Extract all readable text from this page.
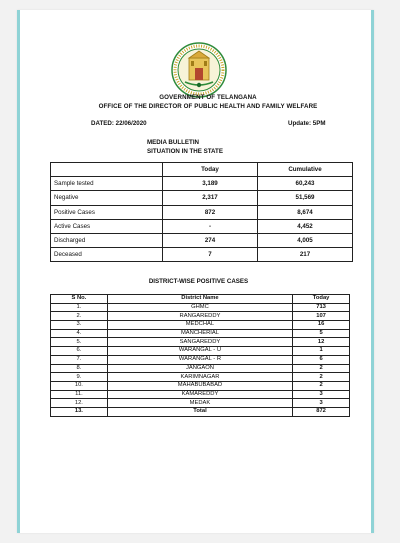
GOVERNMENT OF TELANGANA
OFFICE OF THE DIRECTOR OF PUBLIC HEALTH AND FAMILY WELFARE
DATED: 22/06/2020	Update: 5PM
MEDIA BULLETIN
SITUATION IN THE STATE
	Today	Cumulative
Sample tested	3,189	60,243
Negative	2,317	51,569
Positive Cases	872	8,674
Active Cases	-	4,452
Discharged	274	4,005
Deceased	7	217
DISTRICT-WISE POSITIVE CASES
S No.	District Name	Today
1.	GHMC	713
2.	RANGAREDDY	107
3.	MEDCHAL	16
4.	MANCHERIAL	5
5.	SANGAREDDY	12
6.	WARANGAL - U	1
7.	WARANGAL - R	6
8.	JANGAON	2
9.	KARIMNAGAR	2
10.	MAHABUBABAD	2
11.	KAMAREDDY	3
12.	MEDAK	3
13.	Total	872
